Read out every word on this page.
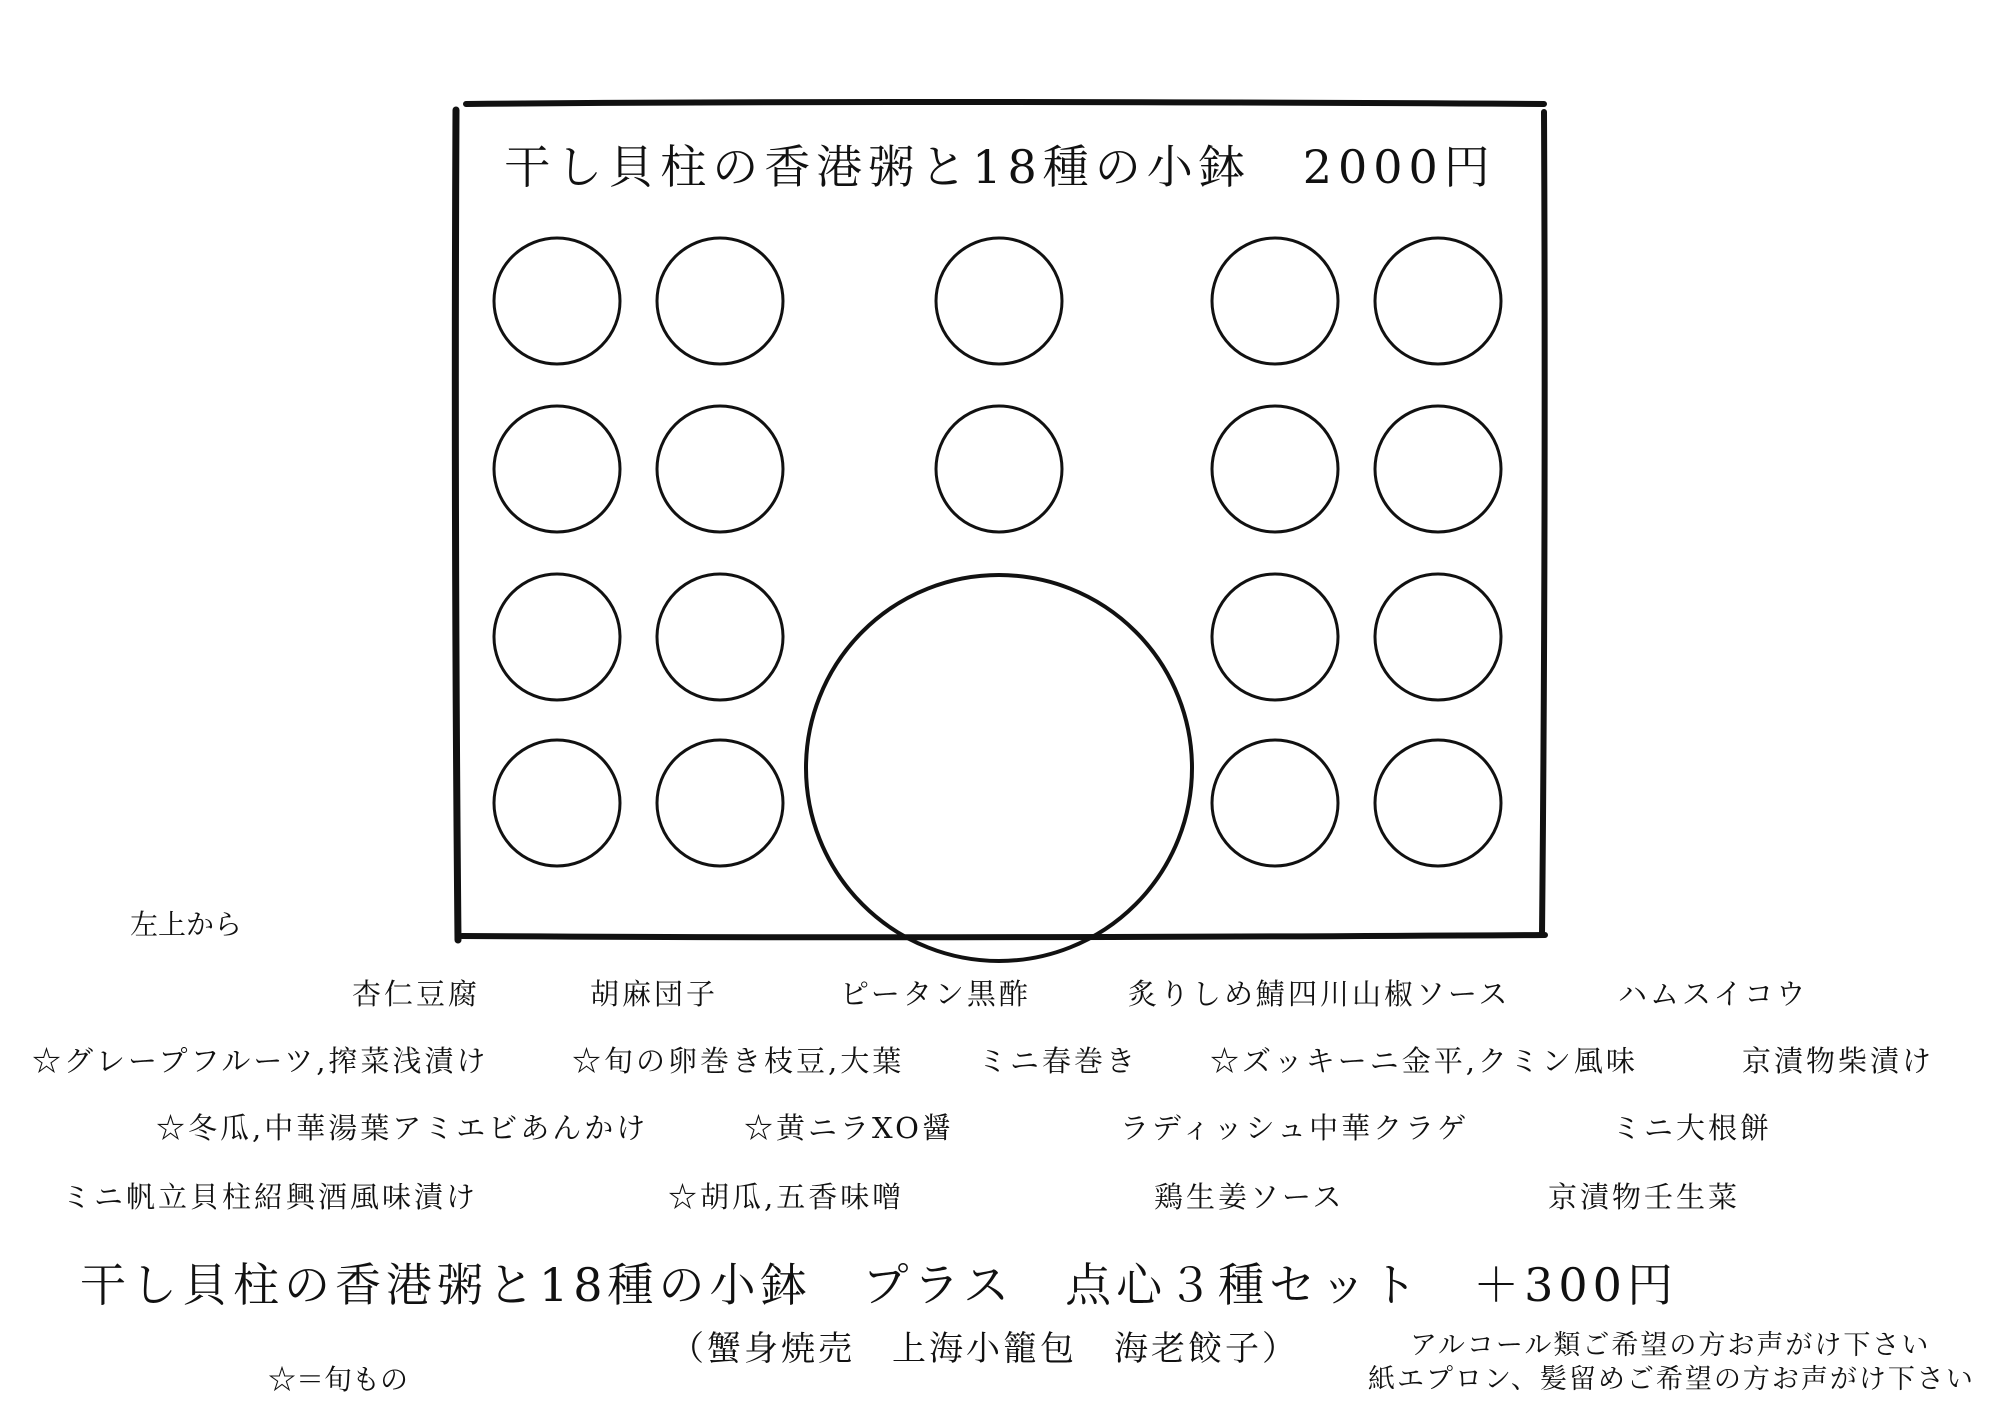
干し貝柱の香港粥と18種の小鉢　2000円
左上から
杏仁豆腐	胡麻団子	ピータン黒酢	炙りしめ鯖四川山椒ソース	ハムスイコウ
☆グレープフルーツ,搾菜浅漬け	☆旬の卵巻き枝豆,大葉	ミニ春巻き ☆ズッキーニ金平,クミン風味	京漬物柴漬け
☆冬瓜,中華湯葉アミエビあんかけ	☆黄ニラXO醤	ラディッシュ中華クラゲ	ミニ大根餅
ミニ帆立貝柱紹興酒風味漬け	☆胡瓜,五香味噌	鶏生姜ソース	京漬物壬生菜
干し貝柱の香港粥と18種の小鉢　プラス　点心３種セット　＋300円
（蟹身焼売　上海小籠包　海老餃子）
☆＝旬もの
アルコール類ご希望の方お声がけ下さい
紙エプロン、髪留めご希望の方お声がけ下さい
